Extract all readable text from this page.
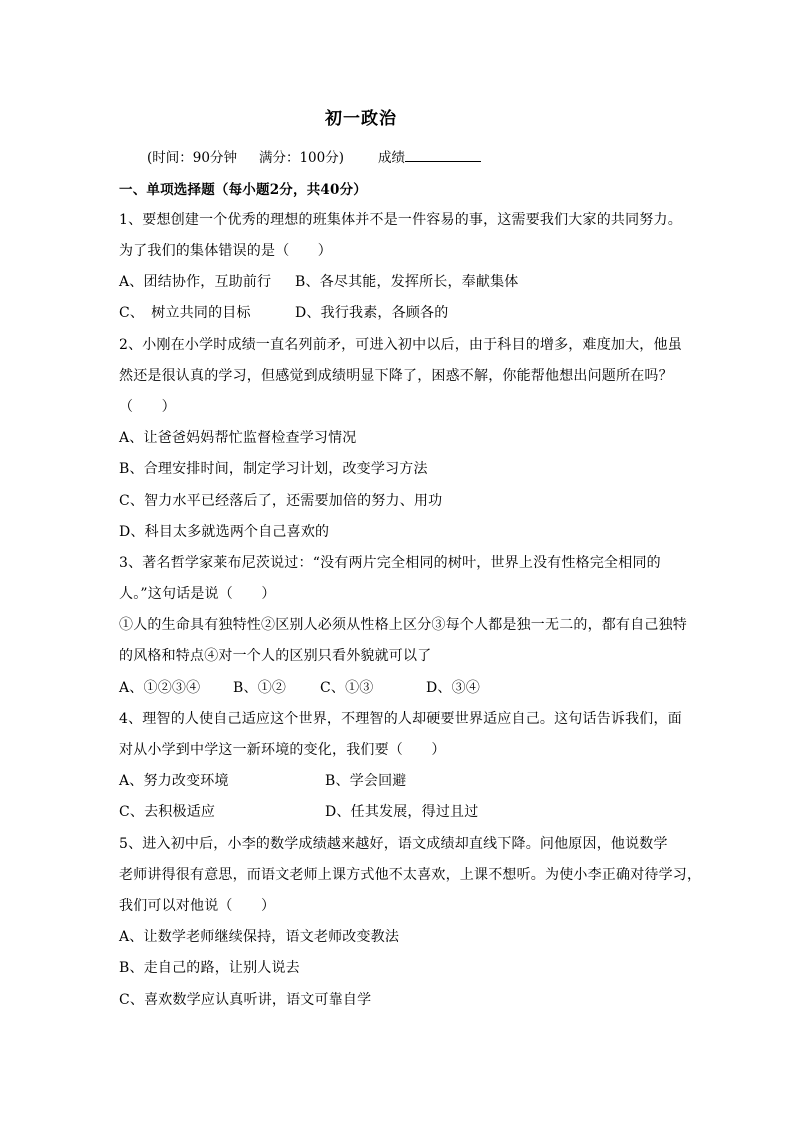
初一政治
(时间：90分钟 满分：100分)	成绩
一、单项选择题（每小题2分，共40分）
1、要想创建一个优秀的理想的班集体并不是一件容易的事，这需要我们大家的共同努力。
为了我们的集体错误的是（　　）
A、团结协作，互助前行 B、各尽其能，发挥所长，奉献集体
C、　树立共同的目标	D、我行我素，各顾各的
2、小刚在小学时成绩一直名列前矛，可进入初中以后，由于科目的增多，难度加大，他虽
然还是很认真的学习，但感觉到成绩明显下降了，困惑不解，你能帮他想出问题所在吗？
（　　）
A、让爸爸妈妈帮忙监督检查学习情况
B、合理安排时间，制定学习计划，改变学习方法
C、智力水平已经落后了，还需要加倍的努力、用功
D、科目太多就选两个自己喜欢的
3、著名哲学家莱布尼茨说过：“没有两片完全相同的树叶，世界上没有性格完全相同的
人。”这句话是说（　　）
①人的生命具有独特性②区别人必须从性格上区分③每个人都是独一无二的，都有自己独特
的风格和特点④对一个人的区别只看外貌就可以了
A、①②③④ B、①② C、①③	D、③④
4、理智的人使自己适应这个世界，不理智的人却硬要世界适应自己。这句话告诉我们，面
对从小学到中学这一新环境的变化，我们要（　　）
A、努力改变环境	B、学会回避
C、去积极适应	D、任其发展，得过且过
5、进入初中后，小李的数学成绩越来越好，语文成绩却直线下降。问他原因，他说数学
老师讲得很有意思，而语文老师上课方式他不太喜欢，上课不想听。为使小李正确对待学习，
我们可以对他说（　　）
A、让数学老师继续保持，语文老师改变教法
B、走自己的路，让别人说去
C、喜欢数学应认真听讲，语文可靠自学
